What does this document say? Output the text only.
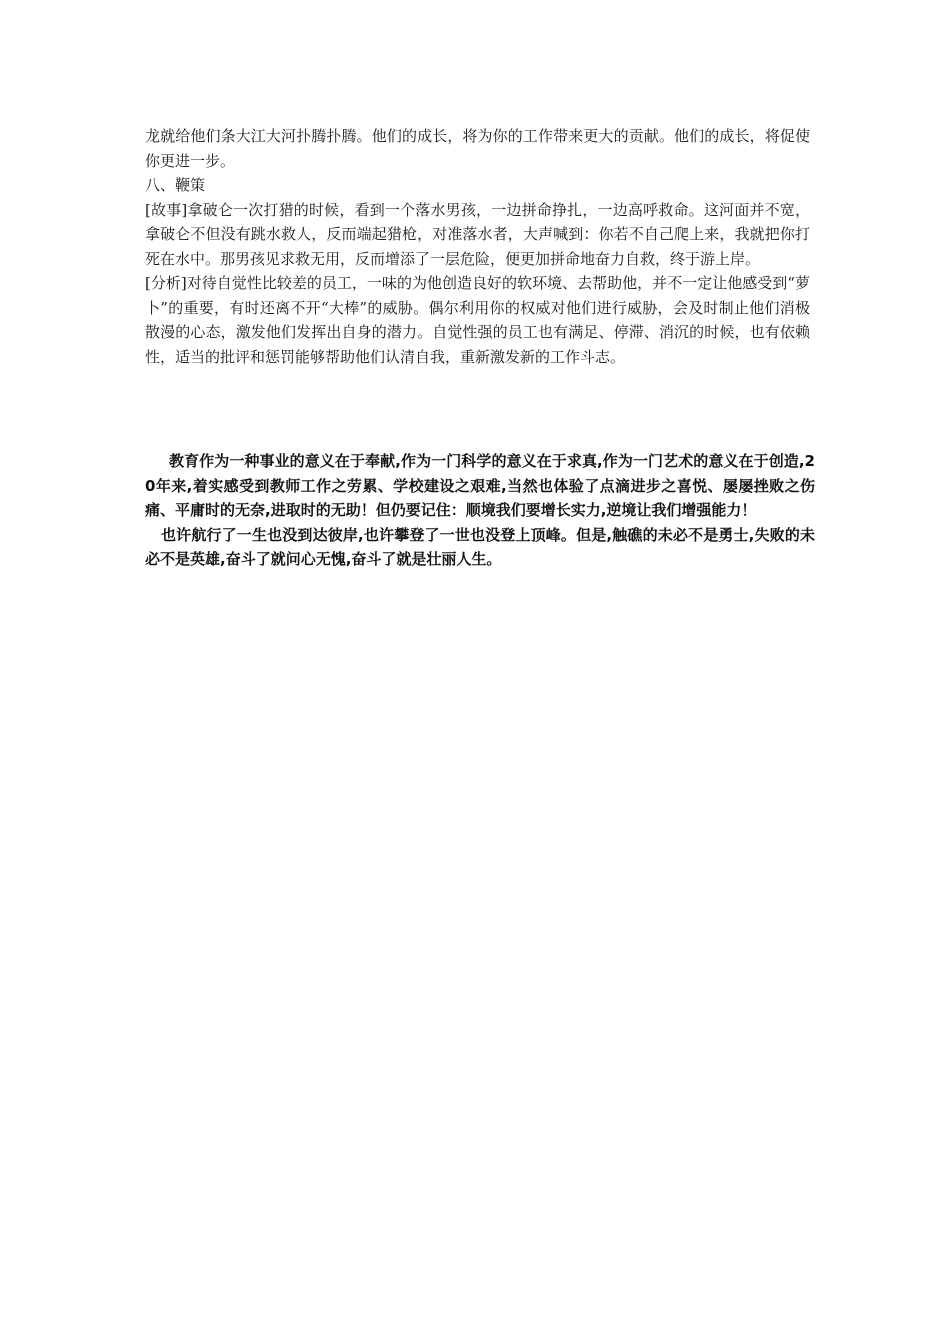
龙就给他们条大江大河扑腾扑腾。他们的成长，将为你的工作带来更大的贡献。他们的成长，将促使你更进一步。

八、鞭策

[故事]拿破仑一次打猎的时候，看到一个落水男孩，一边拼命挣扎，一边高呼救命。这河面并不宽，拿破仑不但没有跳水救人，反而端起猎枪，对准落水者，大声喊到：你若不自己爬上来，我就把你打死在水中。那男孩见求救无用，反而增添了一层危险，便更加拼命地奋力自救，终于游上岸。

[分析]对待自觉性比较差的员工，一味的为他创造良好的软环境、去帮助他，并不一定让他感受到“萝卜”的重要，有时还离不开“大棒”的威胁。偶尔利用你的权威对他们进行威胁，会及时制止他们消极散漫的心态，激发他们发挥出自身的潜力。自觉性强的员工也有满足、停滞、消沉的时候，也有依赖性，适当的批评和惩罚能够帮助他们认清自我，重新激发新的工作斗志。

教育作为一种事业的意义在于奉献,作为一门科学的意义在于求真,作为一门艺术的意义在于创造,20年来,着实感受到教师工作之劳累、学校建设之艰难,当然也体验了点滴进步之喜悦、屡屡挫败之伤痛、平庸时的无奈,进取时的无助！但仍要记住：顺境我们要增长实力,逆境让我们增强能力！

也许航行了一生也没到达彼岸,也许攀登了一世也没登上顶峰。但是,触礁的未必不是勇士,失败的未必不是英雄,奋斗了就问心无愧,奋斗了就是壮丽人生。
